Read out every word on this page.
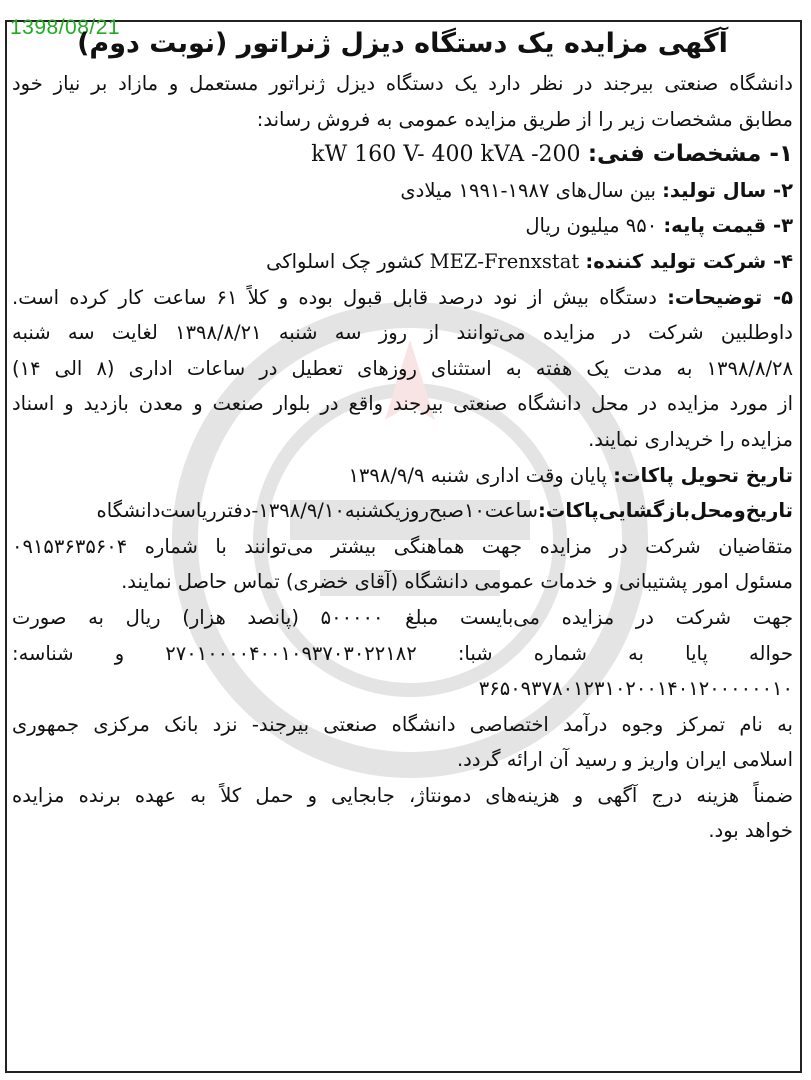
1398/08/21
آگهی مزایده یک دستگاه دیزل ژنراتور (نوبت دوم)
دانشگاه صنعتی بیرجند در نظر دارد یک دستگاه دیزل ژنراتور مستعمل و مازاد بر نیاز خود
مطابق مشخصات زیر را از طریق مزایده عمومی به فروش رساند:
۱- مشخصات فنی: kW 160 V- 400 kVA -200
۲- سال تولید: بین سال‌های ۱۹۸۷-۱۹۹۱ میلادی
۳- قیمت پایه: ۹۵۰ میلیون ریال
۴- شرکت تولید کننده: MEZ-Frenxstat کشور چک اسلواکی
۵- توضیحات: دستگاه بیش از نود درصد قابل قبول بوده و کلاً ۶۱ ساعت کار کرده است.
داوطلبین شرکت در مزایده می‌توانند از روز سه شنبه ۱۳۹۸/۸/۲۱ لغایت سه شنبه
۱۳۹۸/۸/۲۸ به مدت یک هفته به استثنای روزهای تعطیل در ساعات اداری (۸ الی ۱۴)
از مورد مزایده در محل دانشگاه صنعتی بیرجند واقع در بلوار صنعت و معدن بازدید و اسناد
مزایده را خریداری نمایند.
تاریخ تحویل پاکات: پایان وقت اداری شنبه ۱۳۹۸/۹/۹
تاریخ‌ومحل‌بازگشایی‌پاکات:ساعت۱۰صبح‌روزیکشنبه۱۳۹۸/۹/۱۰-دفترریاست‌دانشگاه
متقاضیان شرکت در مزایده جهت هماهنگی بیشتر می‌توانند با شماره ۰۹۱۵۳۶۳۵۶۰۴
مسئول امور پشتیبانی و خدمات عمومی دانشگاه (آقای خضری) تماس حاصل نمایند.
جهت شرکت در مزایده می‌بایست مبلغ ۵۰۰۰۰۰ (پانصد هزار) ریال به صورت
حواله پایا به شماره شبا: ۲۷۰۱۰۰۰۰۴۰۰۱۰۹۳۷۰۳۰۲۲۱۸۲ و شناسه:
۳۶۵۰۹۳۷۸۰۱۲۳۱۰۲۰۰۱۴۰۱۲۰۰۰۰۰۰۱۰
به نام تمرکز وجوه درآمد اختصاصی دانشگاه صنعتی بیرجند- نزد بانک مرکزی جمهوری
اسلامی ایران واریز و رسید آن ارائه گردد.
ضمناً هزینه درج آگهی و هزینه‌های دمونتاژ، جابجایی و حمل کلاً به عهده برنده مزایده
خواهد بود.
